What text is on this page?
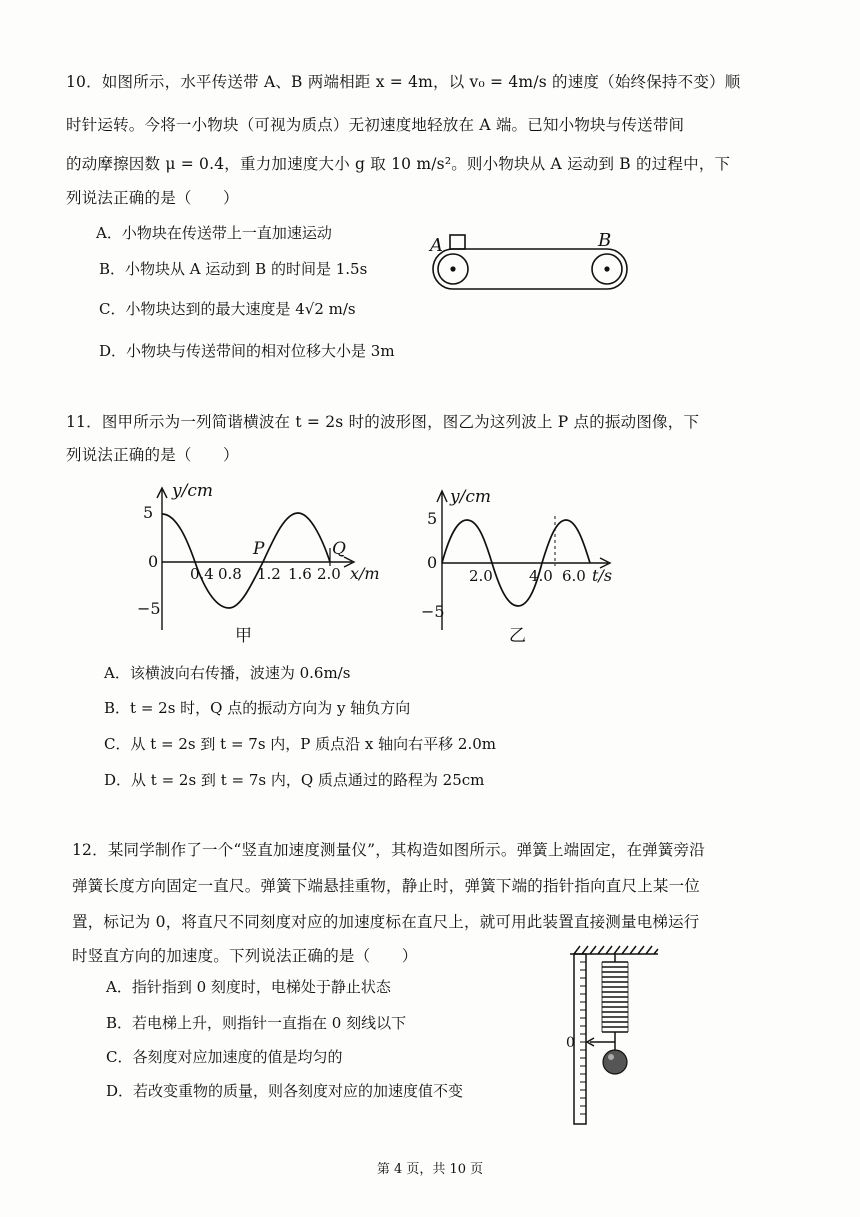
10．如图所示，水平传送带 A、B 两端相距 x = 4m，以 v₀ = 4m/s 的速度（始终保持不变）顺
时针运转。今将一小物块（可视为质点）无初速度地轻放在 A 端。已知小物块与传送带间
的动摩擦因数 μ = 0.4，重力加速度大小 g 取 10 m/s²。则小物块从 A 运动到 B 的过程中，下
列说法正确的是（　　）
A．小物块在传送带上一直加速运动
B．小物块从 A 运动到 B 的时间是 1.5s
C．小物块达到的最大速度是 4√2 m/s
D．小物块与传送带间的相对位移大小是 3m
A	B
11．图甲所示为一列简谐横波在 t = 2s 时的波形图，图乙为这列波上 P 点的振动图像，下
列说法正确的是（　　）
y/cm
5
0
−5
0.4 0.8 1.2 1.6 2.0 x/m
P	Q
甲
y/cm
5
0
−5
2.0 4.0 6.0 t/s
乙
A．该横波向右传播，波速为 0.6m/s
B．t = 2s 时，Q 点的振动方向为 y 轴负方向
C．从 t = 2s 到 t = 7s 内，P 质点沿 x 轴向右平移 2.0m
D．从 t = 2s 到 t = 7s 内，Q 质点通过的路程为 25cm
12．某同学制作了一个“竖直加速度测量仪”，其构造如图所示。弹簧上端固定，在弹簧旁沿
弹簧长度方向固定一直尺。弹簧下端悬挂重物，静止时，弹簧下端的指针指向直尺上某一位
置，标记为 0，将直尺不同刻度对应的加速度标在直尺上，就可用此装置直接测量电梯运行
时竖直方向的加速度。下列说法正确的是（　　）
A．指针指到 0 刻度时，电梯处于静止状态
B．若电梯上升，则指针一直指在 0 刻线以下
C．各刻度对应加速度的值是均匀的
D．若改变重物的质量，则各刻度对应的加速度值不变
0
第 4 页，共 10 页
